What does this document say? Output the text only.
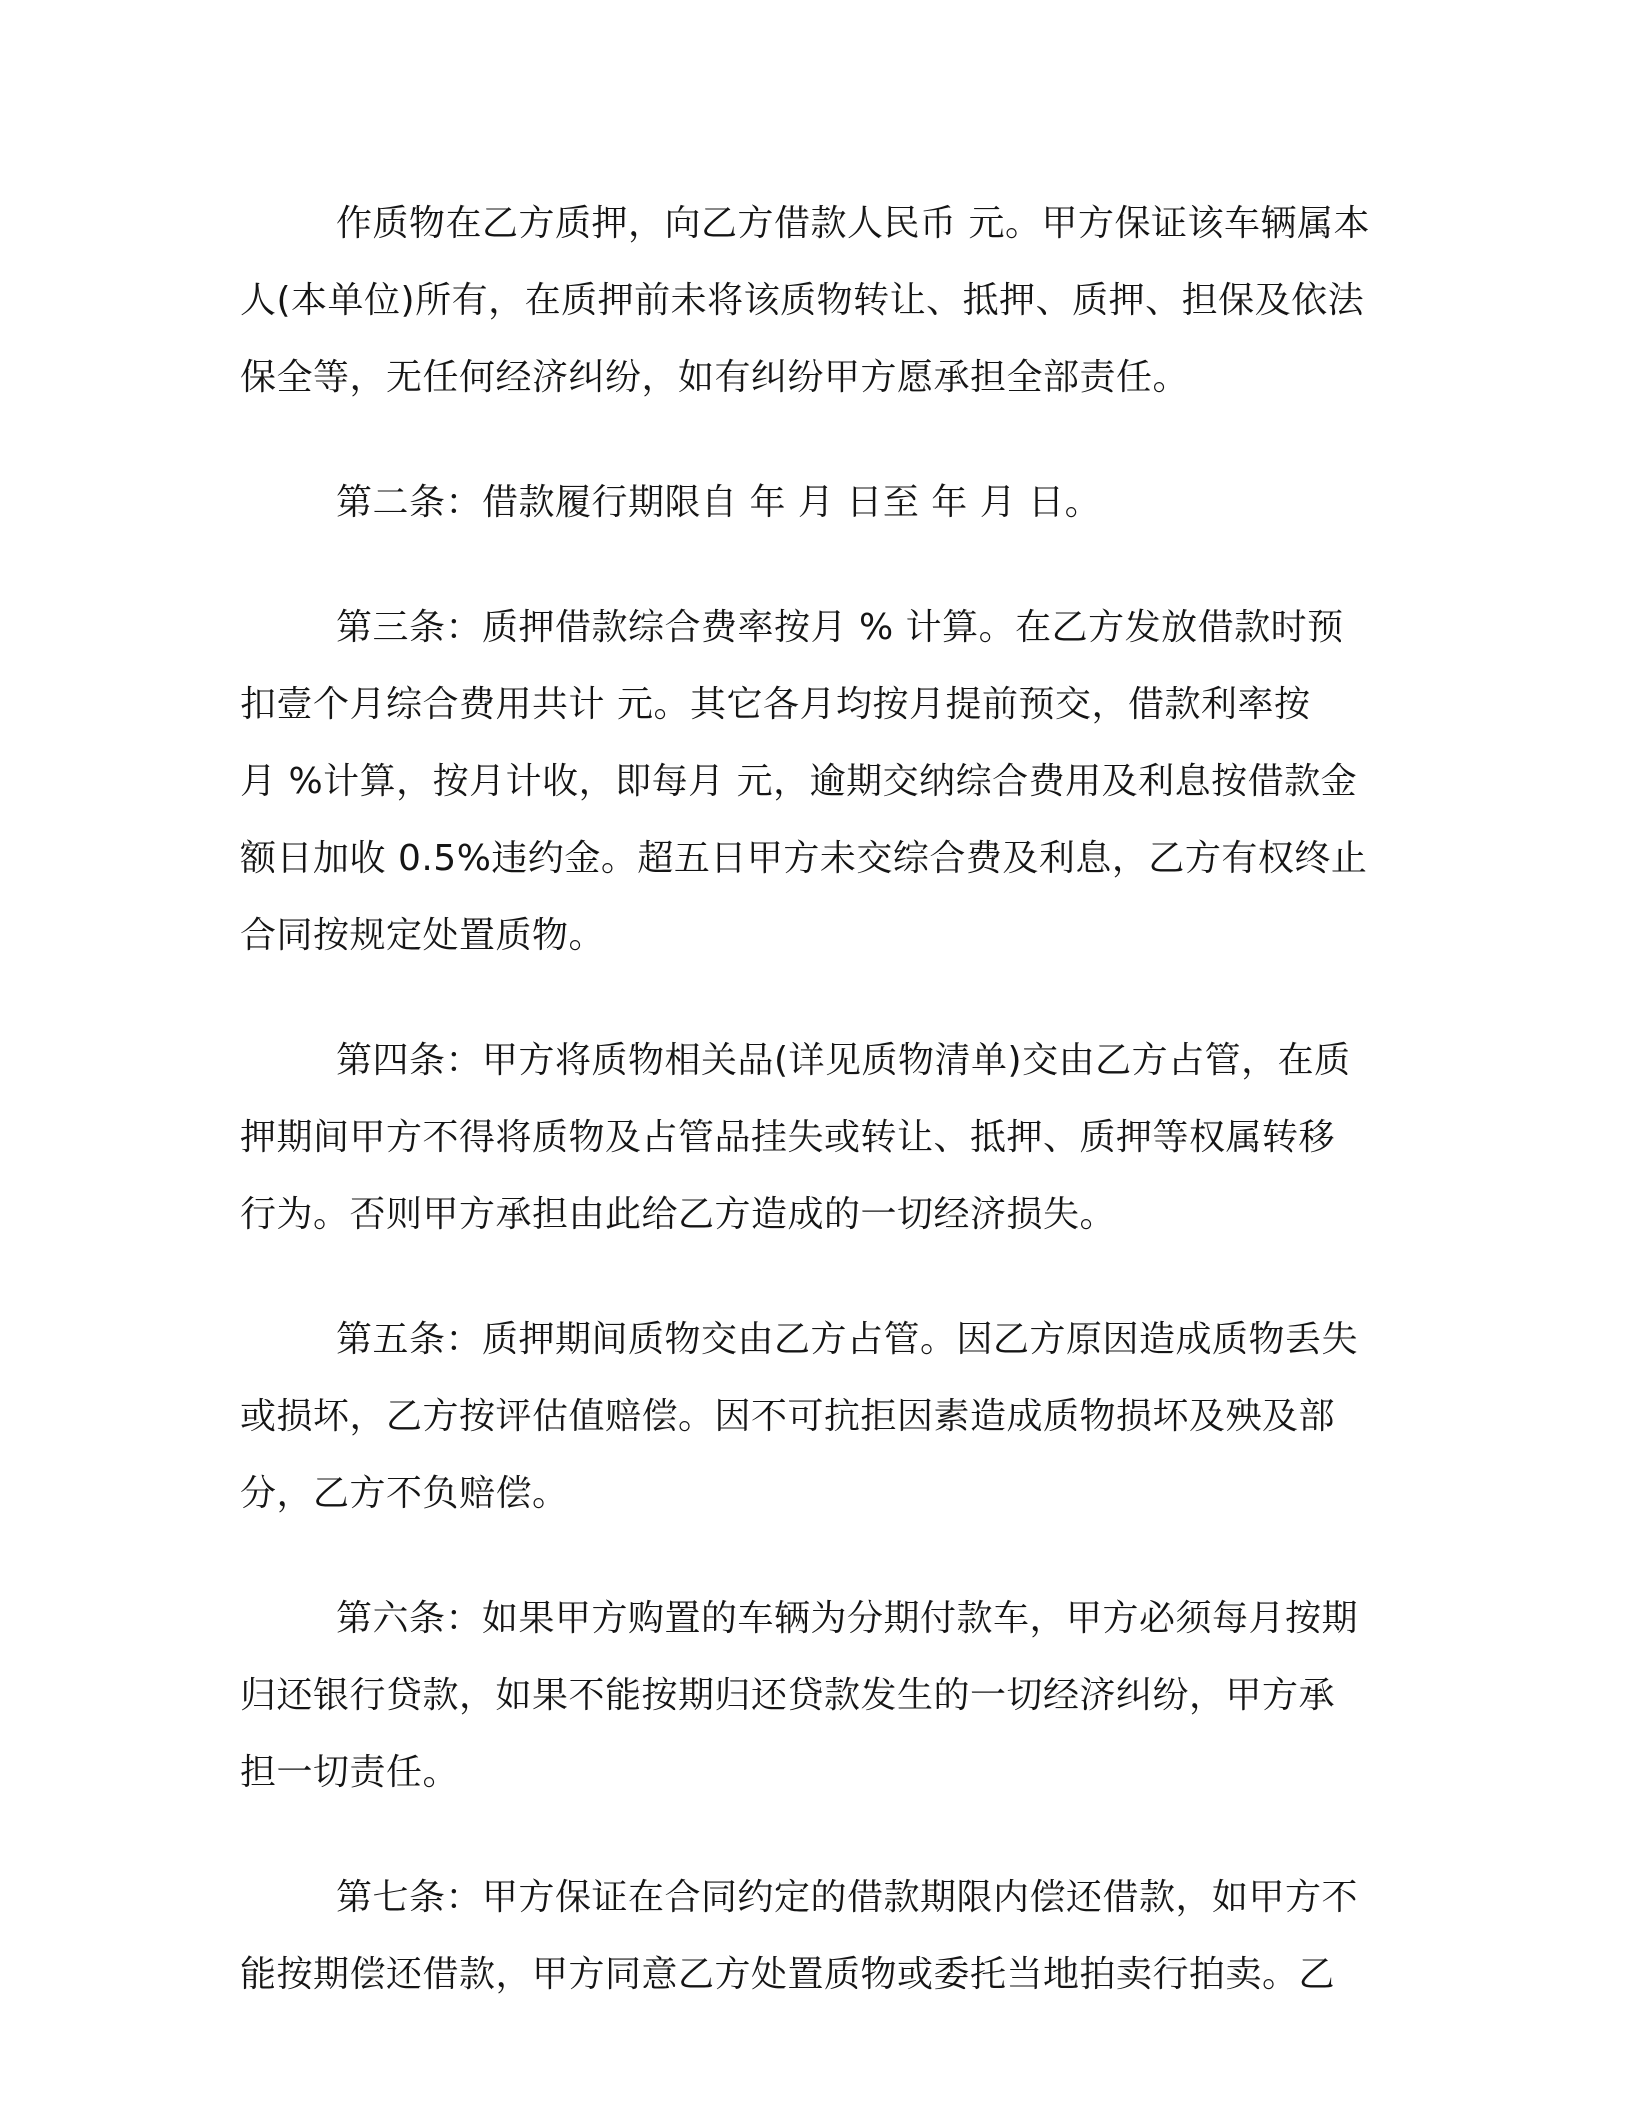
作质物在乙方质押，向乙方借款人民币 元。甲方保证该车辆属本
人(本单位)所有，在质押前未将该质物转让、抵押、质押、担保及依法
保全等，无任何经济纠纷，如有纠纷甲方愿承担全部责任。
第二条：借款履行期限自 年 月 日至 年 月 日。
第三条：质押借款综合费率按月 % 计算。在乙方发放借款时预
扣壹个月综合费用共计 元。其它各月均按月提前预交，借款利率按
月 %计算，按月计收，即每月 元，逾期交纳综合费用及利息按借款金
额日加收 0.5%违约金。超五日甲方未交综合费及利息，乙方有权终止
合同按规定处置质物。
第四条：甲方将质物相关品(详见质物清单)交由乙方占管，在质
押期间甲方不得将质物及占管品挂失或转让、抵押、质押等权属转移
行为。否则甲方承担由此给乙方造成的一切经济损失。
第五条：质押期间质物交由乙方占管。因乙方原因造成质物丢失
或损坏，乙方按评估值赔偿。因不可抗拒因素造成质物损坏及殃及部
分，乙方不负赔偿。
第六条：如果甲方购置的车辆为分期付款车，甲方必须每月按期
归还银行贷款，如果不能按期归还贷款发生的一切经济纠纷，甲方承
担一切责任。
第七条：甲方保证在合同约定的借款期限内偿还借款，如甲方不
能按期偿还借款，甲方同意乙方处置质物或委托当地拍卖行拍卖。乙
